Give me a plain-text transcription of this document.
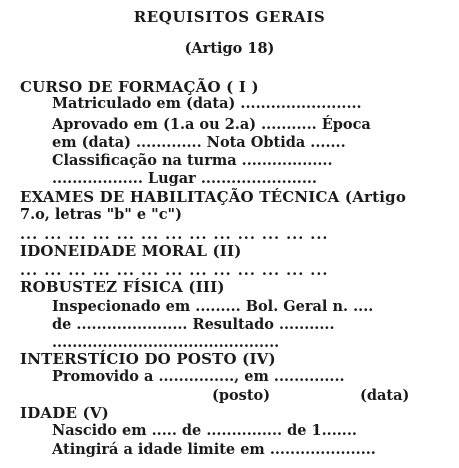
REQUISITOS GERAIS
(Artigo 18)
CURSO DE FORMAÇÃO ( I )
Matriculado em (data) ........................
Aprovado em (1.a ou 2.a) ........... Época
em (data) ............. Nota Obtida .......
Classificação na turma ..................
.................. Lugar .......................
EXAMES DE HABILITAÇÃO TÉCNICA (Artigo
7.o, letras "b" e "c")
... ... ... ... ... ... ... ... ... ... ... ... ...
IDONEIDADE MORAL (II)
... ... ... ... ... ... ... ... ... ... ... ... ...
ROBUSTEZ FÍSICA (III)
Inspecionado em ......... Bol. Geral n. ....
de ...................... Resultado ...........
.............................................
INTERSTÍCIO DO POSTO (IV)
Promovido a ..............., em ..............
(posto)	(data)
IDADE (V)
Nascido em ..... de ............... de 1.......
Atingirá a idade limite em .....................
